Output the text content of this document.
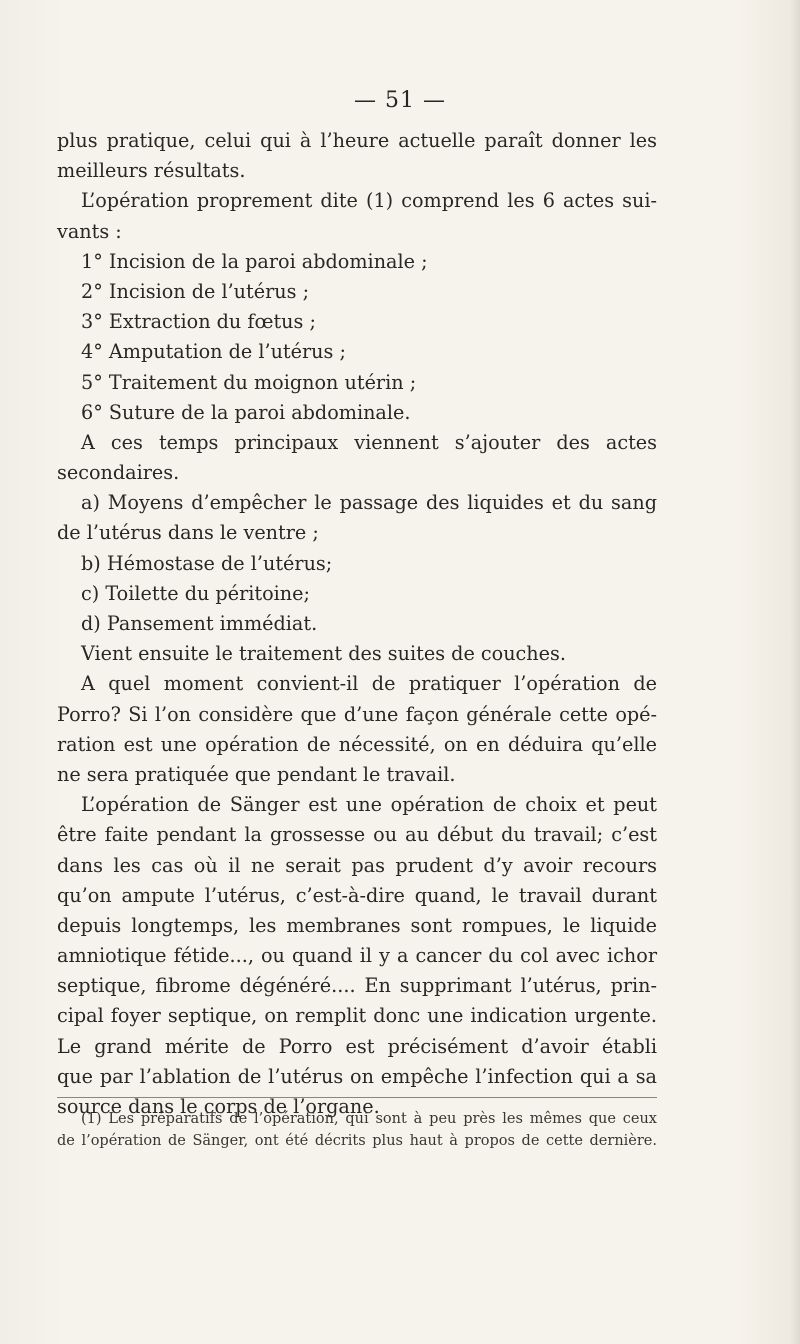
— 51 —
plus pratique, celui qui à l’heure actuelle paraît donner les
meilleurs résultats.
L’opération proprement dite (1) comprend les 6 actes sui-
vants :
1° Incision de la paroi abdominale ;
2° Incision de l’utérus ;
3° Extraction du fœtus ;
4° Amputation de l’utérus ;
5° Traitement du moignon utérin ;
6° Suture de la paroi abdominale.
A ces temps principaux viennent s’ajouter des actes
secondaires.
a) Moyens d’empêcher le passage des liquides et du sang
de l’utérus dans le ventre ;
b) Hémostase de l’utérus;
c) Toilette du péritoine;
d) Pansement immédiat.
Vient ensuite le traitement des suites de couches.
A quel moment convient-il de pratiquer l’opération de
Porro? Si l’on considère que d’une façon générale cette opé-
ration est une opération de nécessité, on en déduira qu’elle
ne sera pratiquée que pendant le travail.
L’opération de Sänger est une opération de choix et peut
être faite pendant la grossesse ou au début du travail; c’est
dans les cas où il ne serait pas prudent d’y avoir recours
qu’on ampute l’utérus, c’est-à-dire quand, le travail durant
depuis longtemps, les membranes sont rompues, le liquide
amniotique fétide..., ou quand il y a cancer du col avec ichor
septique, fibrome dégénéré.... En supprimant l’utérus, prin-
cipal foyer septique, on remplit donc une indication urgente.
Le grand mérite de Porro est précisément d’avoir établi
que par l’ablation de l’utérus on empêche l’infection qui a sa
source dans le corps de l’organe.
(1) Les préparatifs de l’opération, qui sont à peu près les mêmes que ceux
de l’opération de Sänger, ont été décrits plus haut à propos de cette dernière.
